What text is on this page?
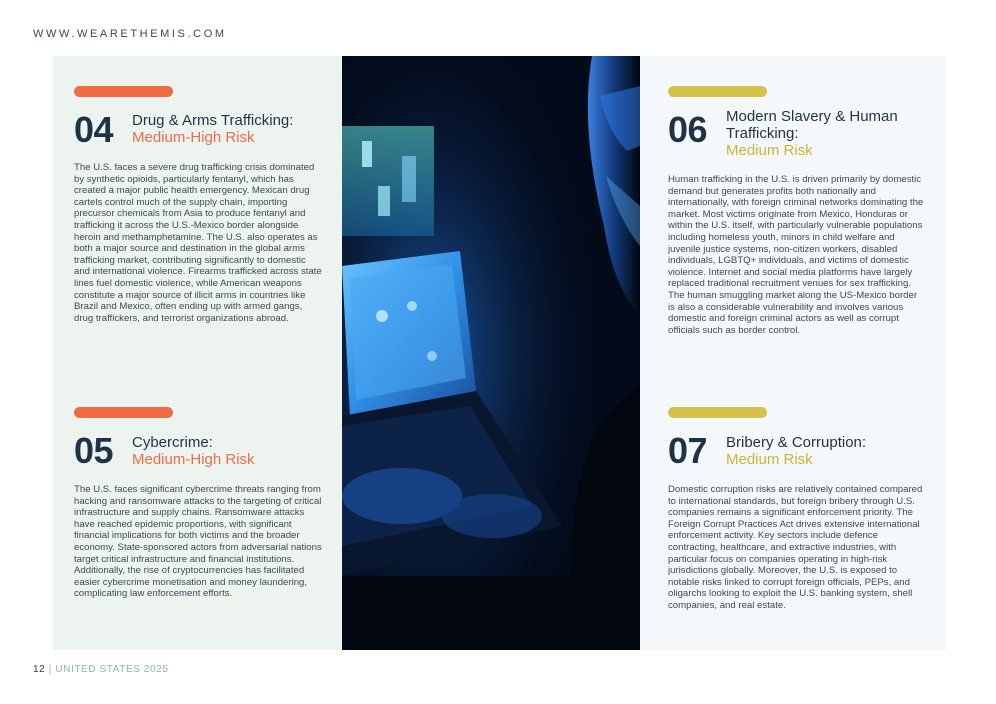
WWW.WEARETHEMIS.COM
04 Drug & Arms Trafficking:
Medium-High Risk
The U.S. faces a severe drug trafficking crisis dominated by synthetic opioids, particularly fentanyl, which has created a major public health emergency. Mexican drug cartels control much of the supply chain, importing precursor chemicals from Asia to produce fentanyl and trafficking it across the U.S.-Mexico border alongside heroin and methamphetamine. The U.S. also operates as both a major source and destination in the global arms trafficking market, contributing significantly to domestic and international violence. Firearms trafficked across state lines fuel domestic violence, while American weapons constitute a major source of illicit arms in countries like Brazil and Mexico, often ending up with armed gangs, drug traffickers, and terrorist organizations abroad.
05 Cybercrime:
Medium-High Risk
The U.S. faces significant cybercrime threats ranging from hacking and ransomware attacks to the targeting of critical infrastructure and supply chains. Ransomware attacks have reached epidemic proportions, with significant financial implications for both victims and the broader economy. State-sponsored actors from adversarial nations target critical infrastructure and financial institutions. Additionally, the rise of cryptocurrencies has facilitated easier cybercrime monetisation and money laundering, complicating law enforcement efforts.
06 Modern Slavery & Human Trafficking:
Medium Risk
Human trafficking in the U.S. is driven primarily by domestic demand but generates profits both nationally and internationally, with foreign criminal networks dominating the market. Most victims originate from Mexico, Honduras or within the U.S. itself, with particularly vulnerable populations including homeless youth, minors in child welfare and juvenile justice systems, non-citizen workers, disabled individuals, LGBTQ+ individuals, and victims of domestic violence. Internet and social media platforms have largely replaced traditional recruitment venues for sex trafficking. The human smuggling market along the US-Mexico border is also a considerable vulnerability and involves various domestic and foreign criminal actors as well as corrupt officials such as border control.
07 Bribery & Corruption:
Medium Risk
Domestic corruption risks are relatively contained compared to international standards, but foreign bribery through U.S. companies remains a significant enforcement priority. The Foreign Corrupt Practices Act drives extensive international enforcement activity. Key sectors include defence contracting, healthcare, and extractive industries, with particular focus on companies operating in high-risk jurisdictions globally. Moreover, the U.S. is exposed to notable risks linked to corrupt foreign officials, PEPs, and oligarchs looking to exploit the U.S. banking system, shell companies, and real estate.
12 | UNITED STATES 2025
